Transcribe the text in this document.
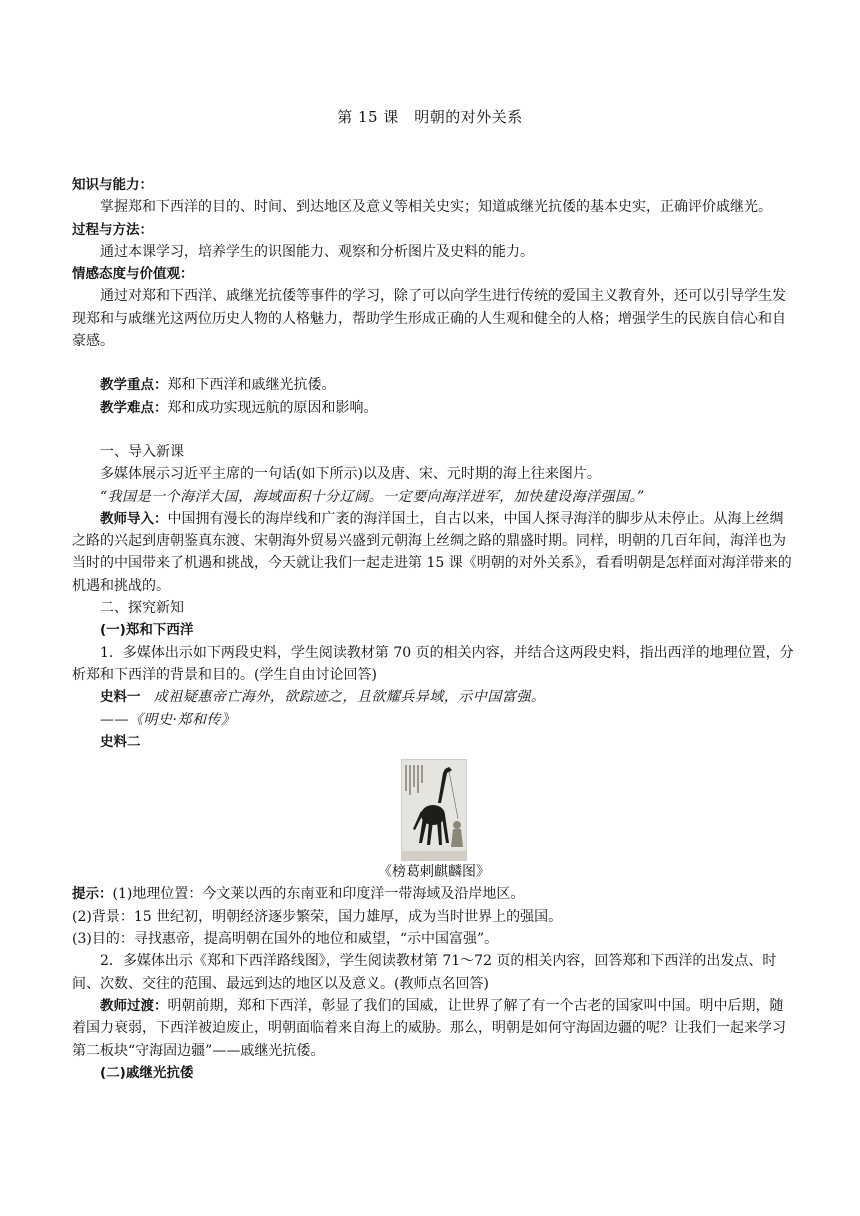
第 15 课　明朝的对外关系

知识与能力：

掌握郑和下西洋的目的、时间、到达地区及意义等相关史实；知道戚继光抗倭的基本史实，正确评价戚继光。

过程与方法：

通过本课学习，培养学生的识图能力、观察和分析图片及史料的能力。

情感态度与价值观：

通过对郑和下西洋、戚继光抗倭等事件的学习，除了可以向学生进行传统的爱国主义教育外，还可以引导学生发现郑和与戚继光这两位历史人物的人格魅力，帮助学生形成正确的人生观和健全的人格；增强学生的民族自信心和自豪感。

教学重点：郑和下西洋和戚继光抗倭。

教学难点：郑和成功实现远航的原因和影响。

一、导入新课

多媒体展示习近平主席的一句话(如下所示)以及唐、宋、元时期的海上往来图片。

“我国是一个海洋大国，海域面积十分辽阔。一定要向海洋进军，加快建设海洋强国。”

教师导入：中国拥有漫长的海岸线和广袤的海洋国土，自古以来，中国人探寻海洋的脚步从未停止。从海上丝绸之路的兴起到唐朝鉴真东渡、宋朝海外贸易兴盛到元朝海上丝绸之路的鼎盛时期。同样，明朝的几百年间，海洋也为当时的中国带来了机遇和挑战，今天就让我们一起走进第 15 课《明朝的对外关系》，看看明朝是怎样面对海洋带来的机遇和挑战的。

二、探究新知

(一)郑和下西洋

1．多媒体出示如下两段史料，学生阅读教材第 70 页的相关内容，并结合这两段史料，指出西洋的地理位置，分析郑和下西洋的背景和目的。(学生自由讨论回答)

史料一 成祖疑惠帝亡海外，欲踪迹之，且欲耀兵异域，示中国富强。

——《明史·郑和传》

史料二

《榜葛剌麒麟图》

提示：(1)地理位置：今文莱以西的东南亚和印度洋一带海域及沿岸地区。

(2)背景：15 世纪初，明朝经济逐步繁荣，国力雄厚，成为当时世界上的强国。

(3)目的：寻找惠帝，提高明朝在国外的地位和威望，“示中国富强”。

2．多媒体出示《郑和下西洋路线图》，学生阅读教材第 71～72 页的相关内容，回答郑和下西洋的出发点、时间、次数、交往的范围、最远到达的地区以及意义。(教师点名回答)

教师过渡：明朝前期，郑和下西洋，彰显了我们的国威，让世界了解了有一个古老的国家叫中国。明中后期，随着国力衰弱，下西洋被迫废止，明朝面临着来自海上的威胁。那么，明朝是如何守海固边疆的呢？让我们一起来学习第二板块“守海固边疆”——戚继光抗倭。

(二)戚继光抗倭
